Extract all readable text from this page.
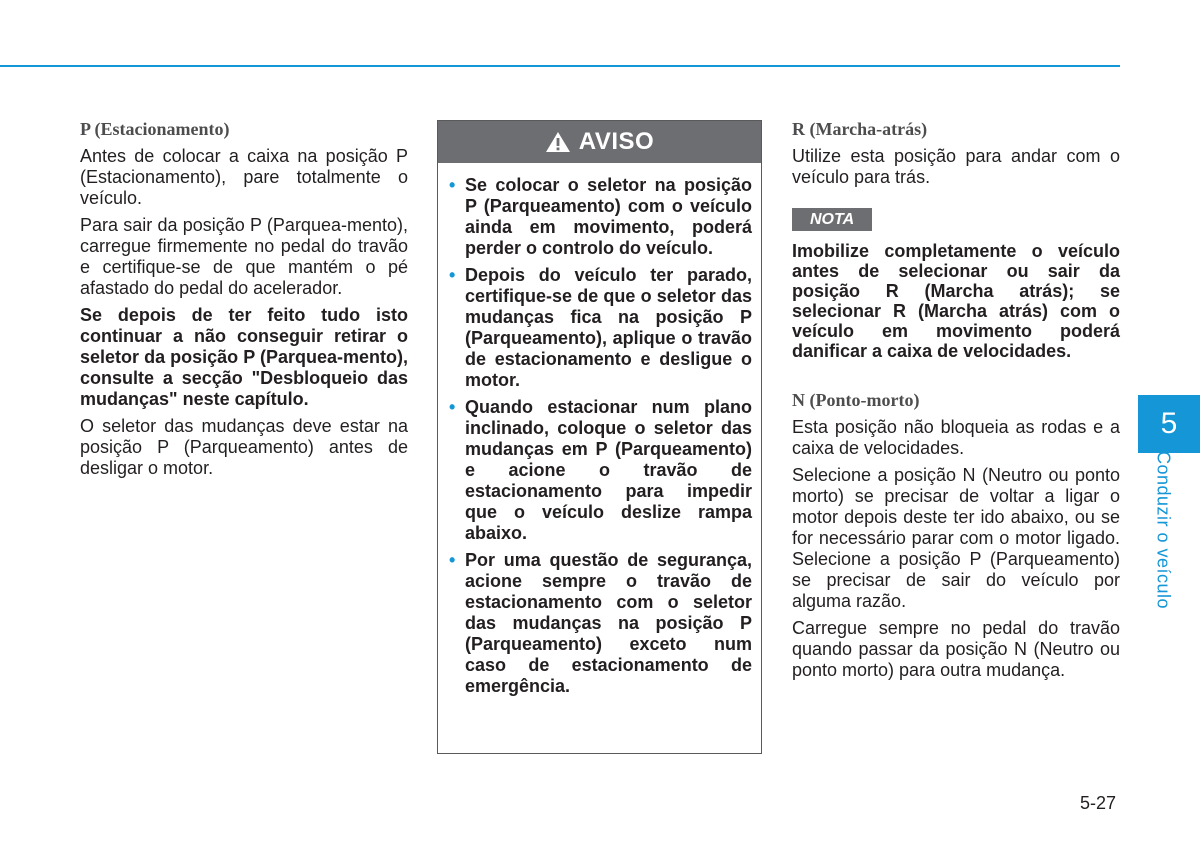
P (Estacionamento)

Antes de colocar a caixa na posição P (Estacionamento), pare totalmente o veículo.

Para sair da posição P (Parquea-mento), carregue firmemente no pedal do travão e certifique-se de que mantém o pé afastado do pedal do acelerador.

Se depois de ter feito tudo isto continuar a não conseguir retirar o seletor da posição P (Parquea-mento), consulte a secção "Desbloqueio das mudanças" neste capítulo.

O seletor das mudanças deve estar na posição P (Parqueamento) antes de desligar o motor.

AVISO
• Se colocar o seletor na posição P (Parqueamento) com o veículo ainda em movimento, poderá perder o controlo do veículo.
• Depois do veículo ter parado, certifique-se de que o seletor das mudanças fica na posição P (Parqueamento), aplique o travão de estacionamento e desligue o motor.
• Quando estacionar num plano inclinado, coloque o seletor das mudanças em P (Parqueamento) e acione o travão de estacionamento para impedir que o veículo deslize rampa abaixo.
• Por uma questão de segurança, acione sempre o travão de estacionamento com o seletor das mudanças na posição P (Parqueamento) exceto num caso de estacionamento de emergência.
R (Marcha-atrás)

Utilize esta posição para andar com o veículo para trás.

NOTA

Imobilize completamente o veículo antes de selecionar ou sair da posição R (Marcha atrás); se selecionar R (Marcha atrás) com o veículo em movimento poderá danificar a caixa de velocidades.

N (Ponto-morto)

Esta posição não bloqueia as rodas e a caixa de velocidades.

Selecione a posição N (Neutro ou ponto morto) se precisar de voltar a ligar o motor depois deste ter ido abaixo, ou se for necessário parar com o motor ligado. Selecione a posição P (Parqueamento) se precisar de sair do veículo por alguma razão.

Carregue sempre no pedal do travão quando passar da posição N (Neutro ou ponto morto) para outra mudança.

5
Conduzir o veículo
5-27
